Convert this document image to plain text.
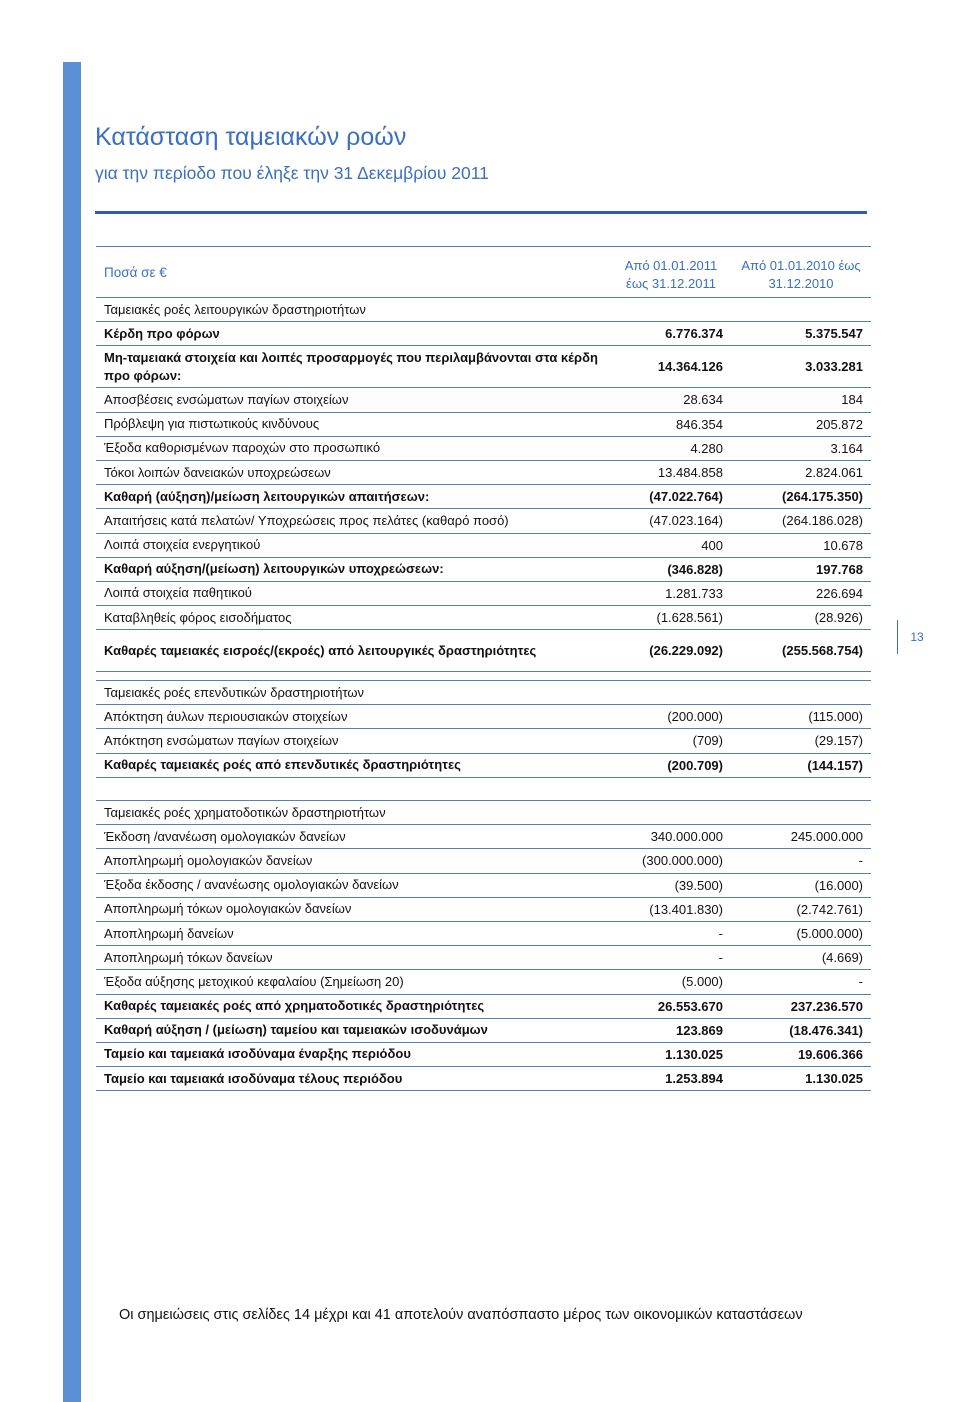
Κατάσταση ταμειακών ροών
για την περίοδο που έληξε την 31 Δεκεμβρίου 2011
Ποσά σε €	Από 01.01.2011 έως 31.12.2011	Από 01.01.2010 έως 31.12.2010
Ταμειακές ροές λειτουργικών δραστηριοτήτων		
Κέρδη προ φόρων	6.776.374	5.375.547
Μη-ταμειακά στοιχεία και λοιπές προσαρμογές που περιλαμβάνονται στα κέρδη προ φόρων:	14.364.126	3.033.281
Αποσβέσεις ενσώματων παγίων στοιχείων	28.634	184
Πρόβλεψη για πιστωτικούς κινδύνους	846.354	205.872
Έξοδα καθορισμένων παροχών στο προσωπικό	4.280	3.164
Τόκοι λοιπών δανειακών υποχρεώσεων	13.484.858	2.824.061
Καθαρή (αύξηση)/μείωση λειτουργικών απαιτήσεων:	(47.022.764)	(264.175.350)
Απαιτήσεις κατά πελατών/ Υποχρεώσεις προς πελάτες (καθαρό ποσό)	(47.023.164)	(264.186.028)
Λοιπά στοιχεία ενεργητικού	400	10.678
Καθαρή αύξηση/(μείωση) λειτουργικών υποχρεώσεων:	(346.828)	197.768
Λοιπά στοιχεία παθητικού	1.281.733	226.694
Καταβληθείς φόρος εισοδήματος	(1.628.561)	(28.926)
Καθαρές ταμειακές εισροές/(εκροές) από λειτουργικές δραστηριότητες	(26.229.092)	(255.568.754)
Ταμειακές ροές επενδυτικών δραστηριοτήτων		
Απόκτηση άυλων περιουσιακών στοιχείων	(200.000)	(115.000)
Απόκτηση ενσώματων παγίων στοιχείων	(709)	(29.157)
Καθαρές ταμειακές ροές από επενδυτικές δραστηριότητες	(200.709)	(144.157)
Ταμειακές ροές χρηματοδοτικών δραστηριοτήτων		
Έκδοση /ανανέωση ομολογιακών δανείων	340.000.000	245.000.000
Αποπληρωμή ομολογιακών δανείων	(300.000.000)	-
Έξοδα έκδοσης / ανανέωσης ομολογιακών δανείων	(39.500)	(16.000)
Αποπληρωμή τόκων ομολογιακών δανείων	(13.401.830)	(2.742.761)
Αποπληρωμή δανείων	-	(5.000.000)
Αποπληρωμή τόκων δανείων	-	(4.669)
Έξοδα αύξησης μετοχικού κεφαλαίου (Σημείωση 20)	(5.000)	-
Καθαρές ταμειακές ροές από χρηματοδοτικές δραστηριότητες	26.553.670	237.236.570
Καθαρή αύξηση / (μείωση) ταμείου και ταμειακών ισοδυνάμων	123.869	(18.476.341)
Ταμείο και ταμειακά ισοδύναμα έναρξης περιόδου	1.130.025	19.606.366
Ταμείο και ταμειακά ισοδύναμα τέλους περιόδου	1.253.894	1.130.025
13
Οι σημειώσεις στις σελίδες 14 μέχρι και 41 αποτελούν αναπόσπαστο μέρος των οικονομικών καταστάσεων
